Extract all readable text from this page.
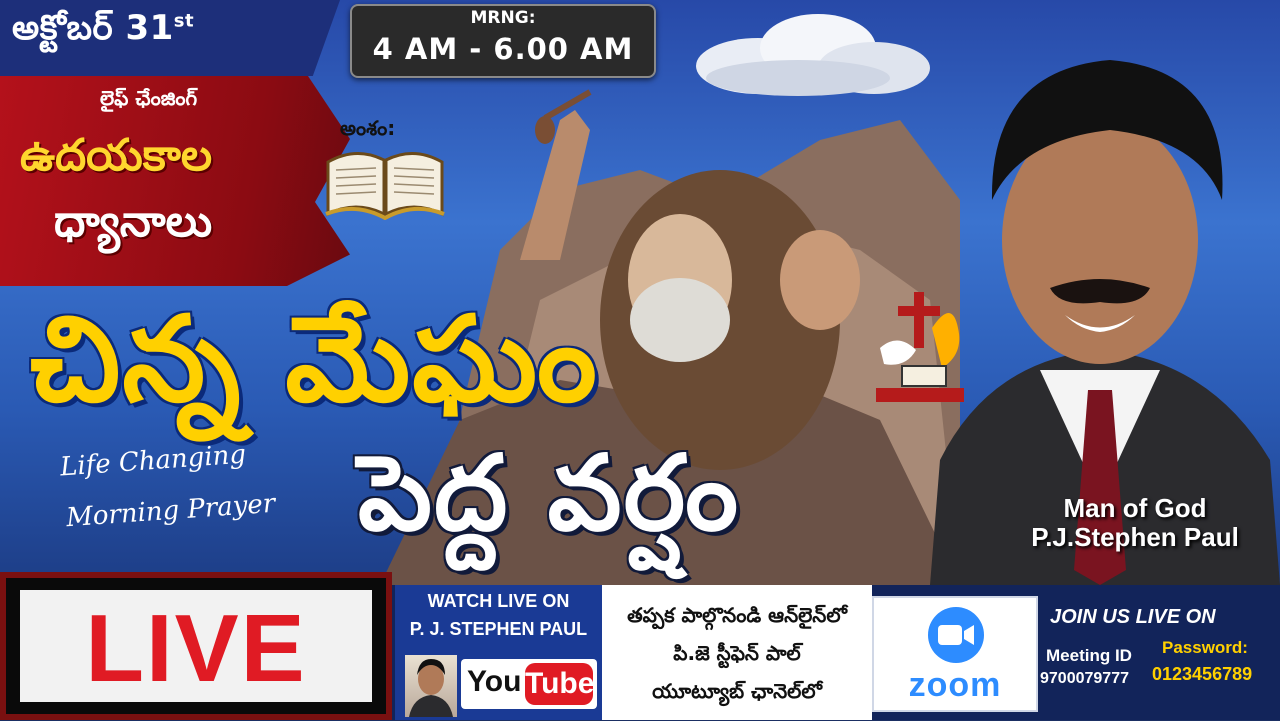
అక్టోబర్ 31st	MRNG:
4 AM - 6.00 AM
లైఫ్ ఛేంజింగ్
ఉదయకాల
ధ్యానాలు
అంశం:
చిన్న మేఘం
పెద్ద వర్షం
Life Changing
Morning Prayer	Man of God
P.J.Stephen Paul
LIVE	WATCH LIVE ON
P. J. STEPHEN PAUL
You Tube
తప్పక పాల్గొనండి ఆన్‌లైన్‌లో
పి.జె స్టీఫెన్ పాల్
యూట్యూబ్ ఛానెల్‌లో	zoom
JOIN US LIVE ON
Meeting ID
9700079777
Password:
0123456789
